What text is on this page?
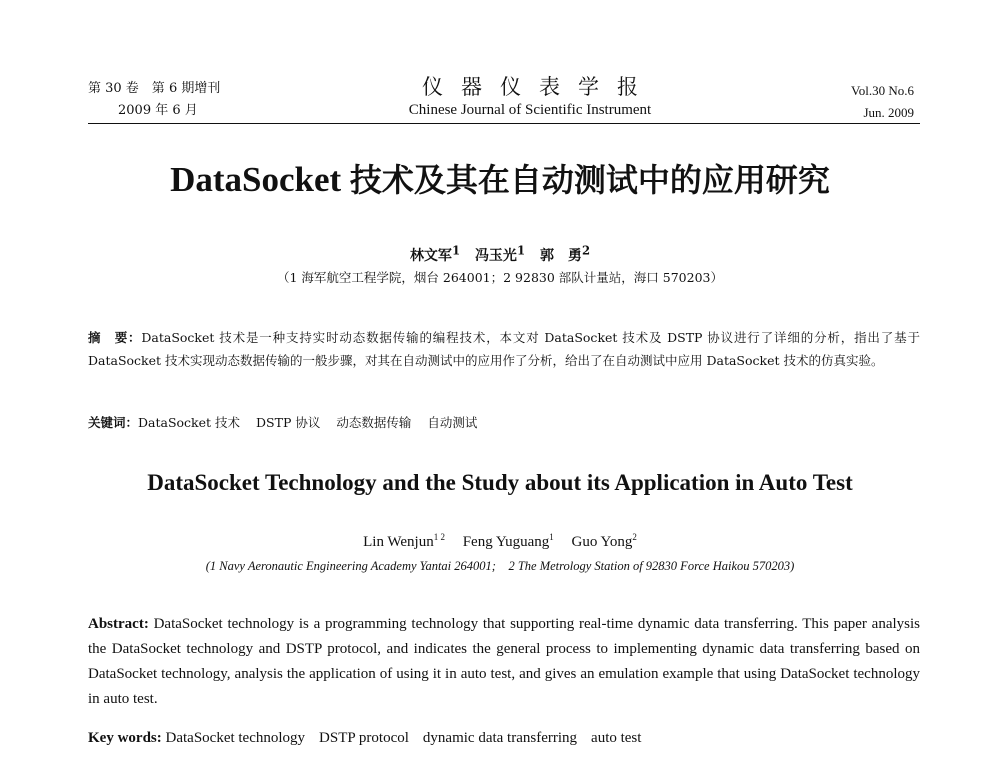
第 30 卷　第 6 期增刊
2009 年 6 月
仪器仪表学报
Chinese Journal of Scientific Instrument
Vol.30 No.6
Jun. 2009
DataSocket 技术及其在自动测试中的应用研究
林文军$^1$ 冯玉光$^1$ 郭　勇$^2$
（1 海军航空工程学院，烟台 264001；2 92830 部队计量站，海口 570203）

摘　要：DataSocket 技术是一种支持实时动态数据传输的编程技术，本文对 DataSocket 技术及 DSTP 协议进行了详细的分析，指出了基于 DataSocket 技术实现动态数据传输的一般步骤，对其在自动测试中的应用作了分析，给出了在自动测试中应用 DataSocket 技术的仿真实验。

关键词：DataSocket 技术 DSTP 协议 动态数据传输 自动测试

DataSocket Technology and the Study about its Application in Auto Test
Lin Wenjun$^{1 2}$ Feng Yuguang$^1$ Guo Yong$^2$
(1 Navy Aeronautic Engineering Academy Yantai 264001;　2 The Metrology Station of 92830 Force Haikou 570203)

Abstract: DataSocket technology is a programming technology that supporting real-time dynamic data transferring. This paper analysis the DataSocket technology and DSTP protocol, and indicates the general process to implementing dynamic data transferring based on DataSocket technology, analysis the application of using it in auto test, and gives an emulation example that using DataSocket technology in auto test.

Key words: DataSocket technology DSTP protocol dynamic data transferring auto test
